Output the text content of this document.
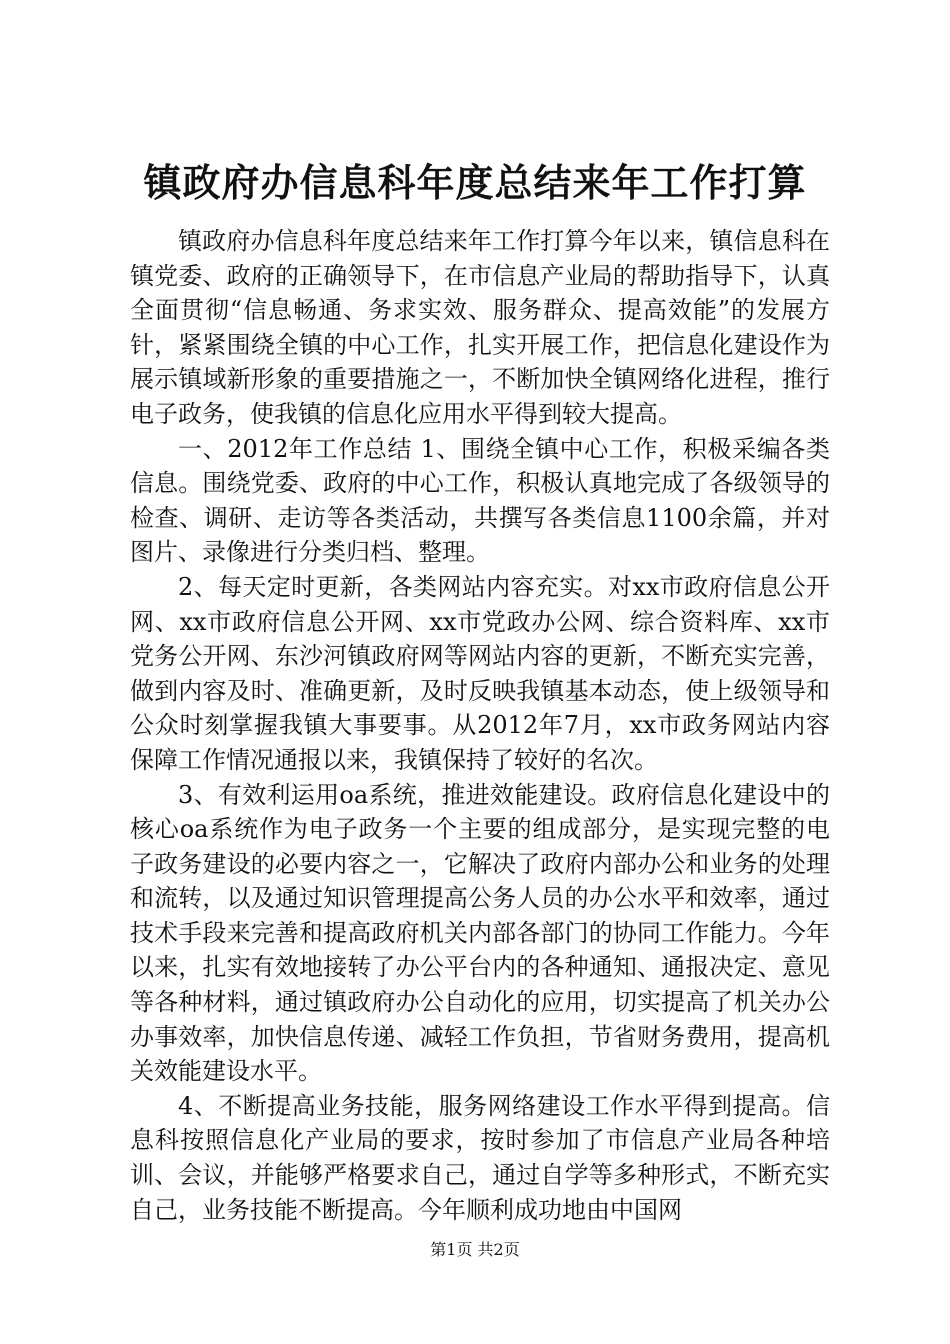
镇政府办信息科年度总结来年工作打算

镇政府办信息科年度总结来年工作打算今年以来，镇信息科在镇党委、政府的正确领导下，在市信息产业局的帮助指导下，认真全面贯彻“信息畅通、务求实效、服务群众、提高效能”的发展方针，紧紧围绕全镇的中心工作，扎实开展工作，把信息化建设作为展示镇域新形象的重要措施之一，不断加快全镇网络化进程，推行电子政务，使我镇的信息化应用水平得到较大提高。

一、2012年工作总结 1、围绕全镇中心工作，积极采编各类信息。围绕党委、政府的中心工作，积极认真地完成了各级领导的检查、调研、走访等各类活动，共撰写各类信息1100余篇，并对图片、录像进行分类归档、整理。

2、每天定时更新，各类网站内容充实。对xx市政府信息公开网、xx市政府信息公开网、xx市党政办公网、综合资料库、xx市党务公开网、东沙河镇政府网等网站内容的更新，不断充实完善，做到内容及时、准确更新，及时反映我镇基本动态，使上级领导和公众时刻掌握我镇大事要事。从2012年7月，xx市政务网站内容保障工作情况通报以来，我镇保持了较好的名次。

3、有效利运用oa系统，推进效能建设。政府信息化建设中的核心oa系统作为电子政务一个主要的组成部分，是实现完整的电子政务建设的必要内容之一，它解决了政府内部办公和业务的处理和流转，以及通过知识管理提高公务人员的办公水平和效率，通过技术手段来完善和提高政府机关内部各部门的协同工作能力。今年以来，扎实有效地接转了办公平台内的各种通知、通报决定、意见等各种材料，通过镇政府办公自动化的应用，切实提高了机关办公办事效率，加快信息传递、减轻工作负担，节省财务费用，提高机关效能建设水平。

4、不断提高业务技能，服务网络建设工作水平得到提高。信息科按照信息化产业局的要求，按时参加了市信息产业局各种培训、会议，并能够严格要求自己，通过自学等多种形式，不断充实自己，业务技能不断提高。今年顺利成功地由中国网

第1页 共2页
